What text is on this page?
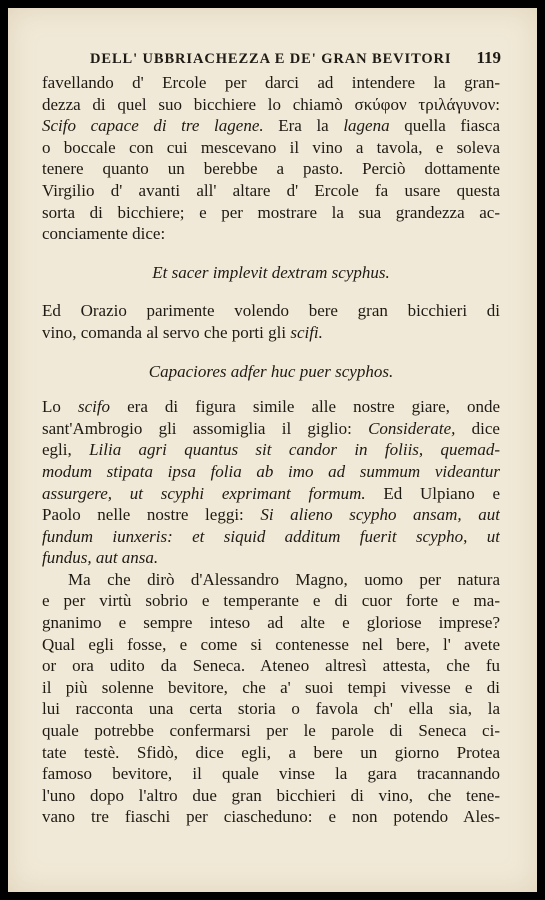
DELL' UBBRIACHEZZA E DE' GRAN BEVITORI 119
favellando d' Ercole per darci ad intendere la gran-
dezza di quel suo bicchiere lo chiamò σκύφον τριλάγυνον:
Scifo capace di tre lagene. Era la lagena quella fiasca
o boccale con cui mescevano il vino a tavola, e soleva
tenere quanto un berebbe a pasto. Perciò dottamente
Virgilio d' avanti all' altare d' Ercole fa usare questa
sorta di bicchiere; e per mostrare la sua grandezza ac-
conciamente dice:
Et sacer implevit dextram scyphus.
Ed Orazio parimente volendo bere gran bicchieri di
vino, comanda al servo che porti gli scifi.
Capaciores adfer huc puer scyphos.
Lo scifo era di figura simile alle nostre giare, onde
sant'Ambrogio gli assomiglia il giglio: Considerate, dice
egli, Lilia agri quantus sit candor in foliis, quemad-
modum stipata ipsa folia ab imo ad summum videantur
assurgere, ut scyphi exprimant formum. Ed Ulpiano e
Paolo nelle nostre leggi: Si alieno scypho ansam, aut
fundum iunxeris: et siquid additum fuerit scypho, ut
fundus, aut ansa.
Ma che dirò d'Alessandro Magno, uomo per natura
e per virtù sobrio e temperante e di cuor forte e ma-
gnanimo e sempre inteso ad alte e gloriose imprese?
Qual egli fosse, e come si contenesse nel bere, l' avete
or ora udito da Seneca. Ateneo altresì attesta, che fu
il più solenne bevitore, che a' suoi tempi vivesse e di
lui racconta una certa storia o favola ch' ella sia, la
quale potrebbe confermarsi per le parole di Seneca ci-
tate testè. Sfidò, dice egli, a bere un giorno Protea
famoso bevitore, il quale vinse la gara tracannando
l'uno dopo l'altro due gran bicchieri di vino, che tene-
vano tre fiaschi per ciascheduno: e non potendo Ales-
